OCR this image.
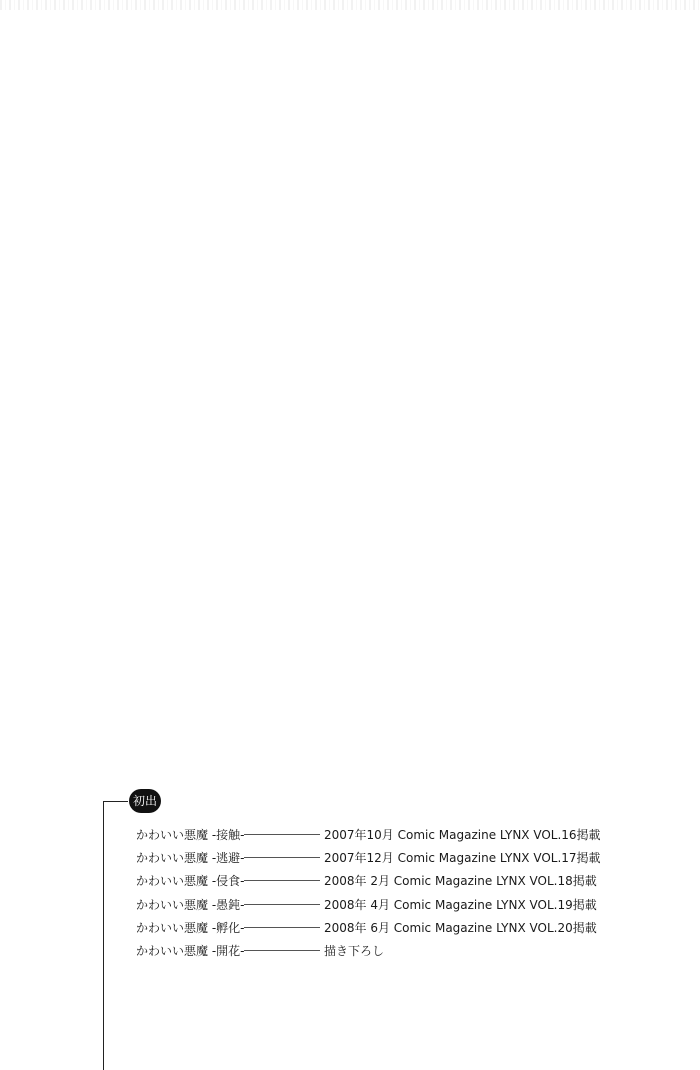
初出
かわいい悪魔 -接触-	2007年10月 Comic Magazine LYNX VOL.16掲載
かわいい悪魔 -逃避-	2007年12月 Comic Magazine LYNX VOL.17掲載
かわいい悪魔 -侵食-	2008年 2月 Comic Magazine LYNX VOL.18掲載
かわいい悪魔 -愚鈍-	2008年 4月 Comic Magazine LYNX VOL.19掲載
かわいい悪魔 -孵化-	2008年 6月 Comic Magazine LYNX VOL.20掲載
かわいい悪魔 -開花-	描き下ろし
